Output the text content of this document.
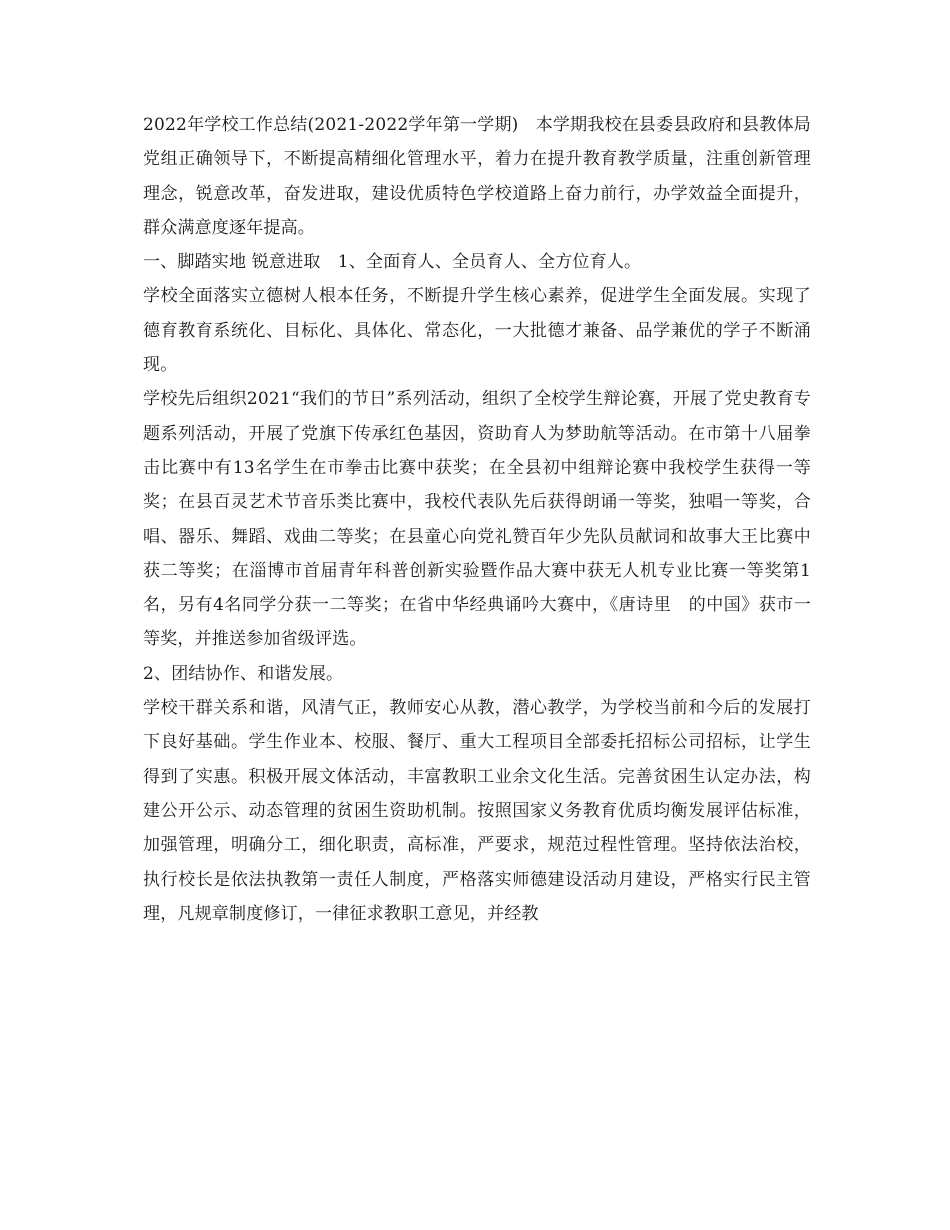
2022年学校工作总结(2021-2022学年第一学期)　本学期我校在县委县政府和县教体局党组正确领导下，不断提高精细化管理水平，着力在提升教育教学质量，注重创新管理理念，锐意改革，奋发进取，建设优质特色学校道路上奋力前行，办学效益全面提升，群众满意度逐年提高。

一、脚踏实地 锐意进取　1、全面育人、全员育人、全方位育人。

学校全面落实立德树人根本任务，不断提升学生核心素养，促进学生全面发展。实现了德育教育系统化、目标化、具体化、常态化，一大批德才兼备、品学兼优的学子不断涌现。

学校先后组织2021“我们的节日”系列活动，组织了全校学生辩论赛，开展了党史教育专题系列活动，开展了党旗下传承红色基因，资助育人为梦助航等活动。在市第十八届拳击比赛中有13名学生在市拳击比赛中获奖；在全县初中组辩论赛中我校学生获得一等奖；在县百灵艺术节音乐类比赛中，我校代表队先后获得朗诵一等奖，独唱一等奖，合唱、器乐、舞蹈、戏曲二等奖；在县童心向党礼赞百年少先队员献词和故事大王比赛中获二等奖；在淄博市首届青年科普创新实验暨作品大赛中获无人机专业比赛一等奖第1名，另有4名同学分获一二等奖；在省中华经典诵吟大赛中，《唐诗里　的中国》获市一等奖，并推送参加省级评选。

2、团结协作、和谐发展。

学校干群关系和谐，风清气正，教师安心从教，潜心教学，为学校当前和今后的发展打下良好基础。学生作业本、校服、餐厅、重大工程项目全部委托招标公司招标，让学生得到了实惠。积极开展文体活动，丰富教职工业余文化生活。完善贫困生认定办法，构建公开公示、动态管理的贫困生资助机制。按照国家义务教育优质均衡发展评估标准，加强管理，明确分工，细化职责，高标准，严要求，规范过程性管理。坚持依法治校，执行校长是依法执教第一责任人制度，严格落实师德建设活动月建设，严格实行民主管理，凡规章制度修订，一律征求教职工意见，并经教
